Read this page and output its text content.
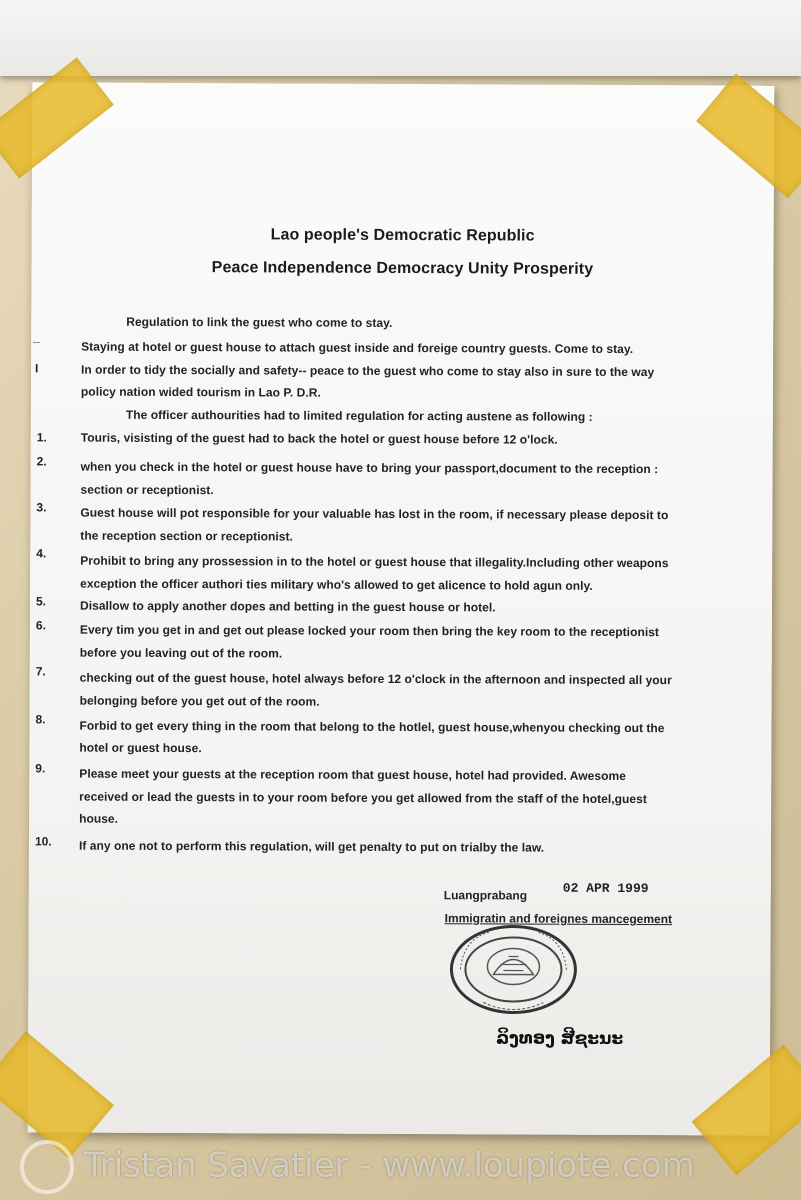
Lao people's Democratic Republic
Peace Independence Democracy Unity Prosperity
Regulation to link the guest who come to stay.
_
Staying at hotel or guest house to attach guest inside and foreige country guests. Come to stay.
I	In order to tidy the socially and safety-- peace to the guest who come to stay also in sure to the way
policy nation wided tourism in Lao P. D.R.
The officer authourities had to limited regulation for acting austene as following :
1.	Touris, visisting of the guest had to back the hotel or guest house before 12 o'lock.
2.	when you check in the hotel or guest house have to bring your passport,document to the reception :
section or receptionist.
3.	Guest house will pot responsible for your valuable has lost in the room, if necessary please deposit to
the reception section or receptionist.
4.
Prohibit to bring any prossession in to the hotel or guest house that illegality.Including other weapons
exception the officer authori ties military who's allowed to get alicence to hold agun only.
5.	Disallow to apply another dopes and betting in the guest house or hotel.
6.	Every tim you get in and get out please locked your room then bring the key room to the receptionist
before you leaving out of the room.
7.	checking out of the guest house, hotel always before 12 o'clock in the afternoon and inspected all your
belonging before you get out of the room.
8.	Forbid to get every thing in the room that belong to the hotlel, guest house,whenyou checking out the
hotel or guest house.
9.	Please meet your guests at the reception room that guest house, hotel had provided. Awesome
received or lead the guests in to your room before you get allowed from the staff of the hotel,guest
house.
10. If any one not to perform this regulation, will get penalty to put on trialby the law.
Luangprabang	02 APR 1999
Immigratin and foreignes mancegement
ລິງທອງ ສີຊະນະ
Tristan Savatier - www.loupiote.com
